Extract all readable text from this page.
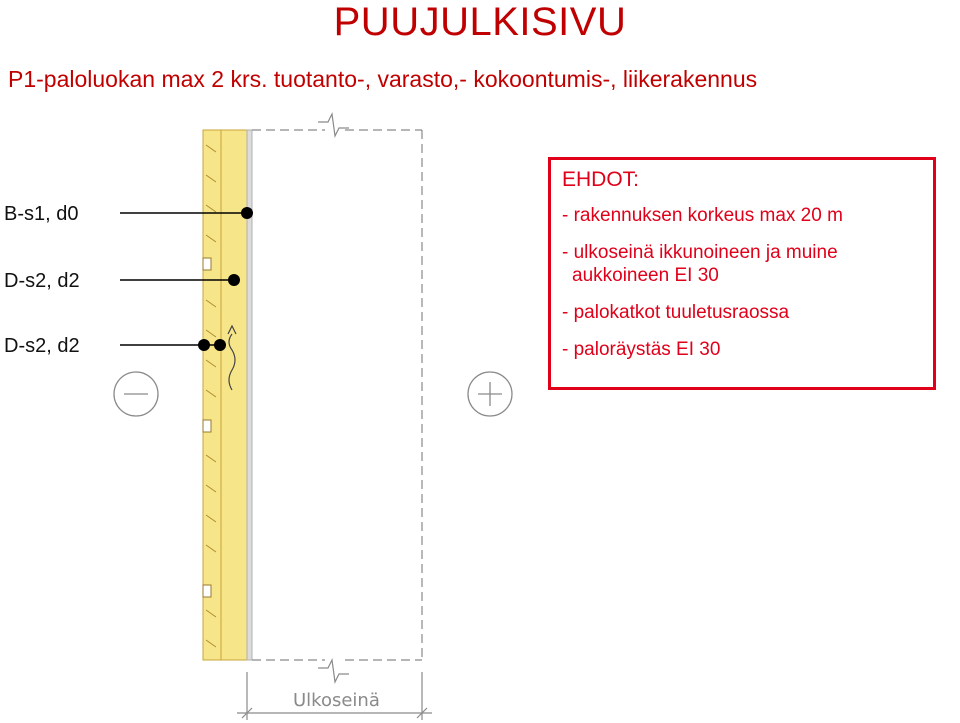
PUUJULKISIVU

P1-paloluokan max 2 krs. tuotanto-, varasto,- kokoontumis-, liikerakennus

B-s1, d0
D-s2, d2
D-s2, d2
Ulkoseinä
EHDOT:
- rakennuksen korkeus max 20 m
- ulkoseinä ikkunoineen ja muine aukkoineen EI 30
- palokatkot tuuletusraossa
- paloräystäs EI 30
